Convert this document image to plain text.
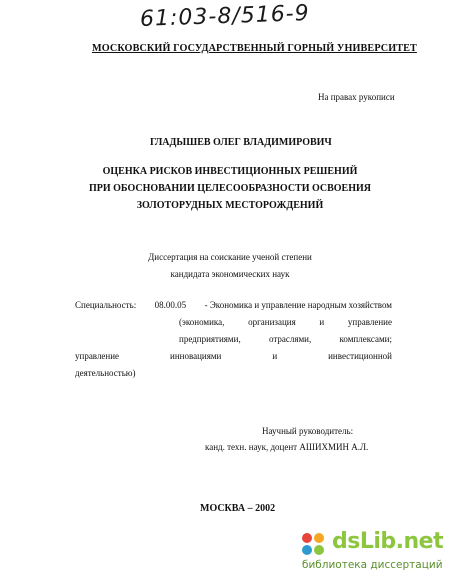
61:03-8/516-9
МОСКОВСКИЙ ГОСУДАРСТВЕННЫЙ ГОРНЫЙ УНИВЕРСИТЕТ
На правах рукописи
ГЛАДЫШЕВ ОЛЕГ ВЛАДИМИРОВИЧ
ОЦЕНКА РИСКОВ ИНВЕСТИЦИОННЫХ РЕШЕНИЙ
ПРИ ОБОСНОВАНИИ ЦЕЛЕСООБРАЗНОСТИ ОСВОЕНИЯ
ЗОЛОТОРУДНЫХ МЕСТОРОЖДЕНИЙ
Диссертация на соискание ученой степени
кандидата экономических наук
Специальность: 08.00.05 - Экономика и управление народным хозяйством
(экономика,	организация	и	управление
предприятиями,	отраслями,	комплексами;
управление	инновациями	и	инвестиционной
деятельностью)
Научный руководитель:
канд. техн. наук, доцент АШИХМИН А.Л.
МОСКВА – 2002
dsLib.net
библиотека диссертаций
